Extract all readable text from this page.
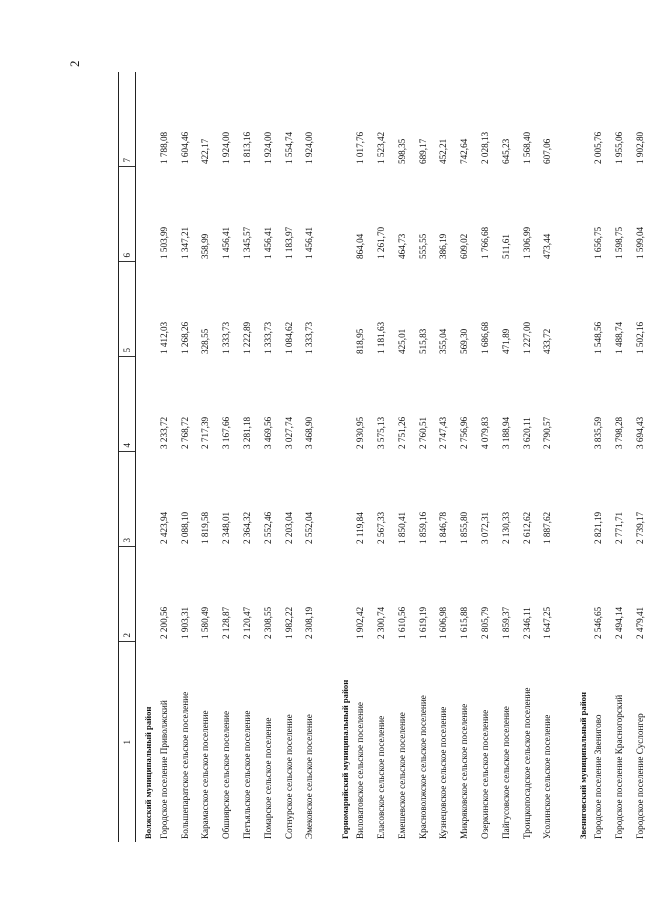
2
1	2	3	4	5	6	7
Волжский муниципальный район						
Городское поселение Приволжский	2 200,56	2 423,94	3 233,72	1 412,03	1 503,99	1 788,08
Большепаратское сельское поселение	1 903,31	2 088,10	2 768,72	1 268,26	1 347,21	1 604,46
Карамасское сельское поселение	1 580,49	1 819,58	2 717,39	328,55	358,99	422,17
Обшиярское сельское поселение	2 128,87	2 348,01	3 167,66	1 333,73	1 456,41	1 924,00
Петъяльское сельское поселение	2 120,47	2 364,32	3 281,18	1 222,89	1 345,57	1 813,16
Помарское сельское поселение	2 308,55	2 552,46	3 469,56	1 333,73	1 456,41	1 924,00
Сотнурское сельское поселение	1 982,22	2 203,04	3 027,74	1 084,62	1 183,97	1 554,74
Эмековское сельское поселение	2 308,19	2 552,04	3 468,90	1 333,73	1 456,41	1 924,00

Горномарийский муниципальный район						
Виловатовское сельское поселение	1 902,42	2 119,84	2 930,95	818,95	864,04	1 017,76
Еласовское сельское поселение	2 300,74	2 567,33	3 575,13	1 181,63	1 261,70	1 523,42
Емешевское сельское поселение	1 610,56	1 850,41	2 751,26	425,01	464,73	598,35
Красноволжское сельское поселение	1 619,19	1 859,16	2 760,51	515,83	555,55	689,17
Кузнецовское сельское поселение	1 606,98	1 846,78	2 747,43	355,04	386,19	452,21
Микряковское сельское поселение	1 615,88	1 855,80	2 756,96	569,30	609,02	742,64
Озеркинское сельское поселение	2 805,79	3 072,31	4 079,83	1 686,68	1 766,68	2 028,13
Пайгусовское сельское поселение	1 859,37	2 130,33	3 188,94	471,89	511,61	645,23
Троицкопосадское сельское поселение	2 346,11	2 612,62	3 620,11	1 227,00	1 306,99	1 568,40
Усолинское сельское поселение	1 647,25	1 887,62	2 790,57	433,72	473,44	607,06

Звениговский муниципальный район						
Городское поселение Звенигово	2 546,65	2 821,19	3 835,59	1 548,56	1 656,75	2 005,76
Городское поселение Красногорский	2 494,14	2 771,71	3 798,28	1 488,74	1 598,75	1 955,06
Городское поселение Суслонгер	2 479,41	2 739,17	3 694,43	1 502,16	1 599,04	1 902,80
